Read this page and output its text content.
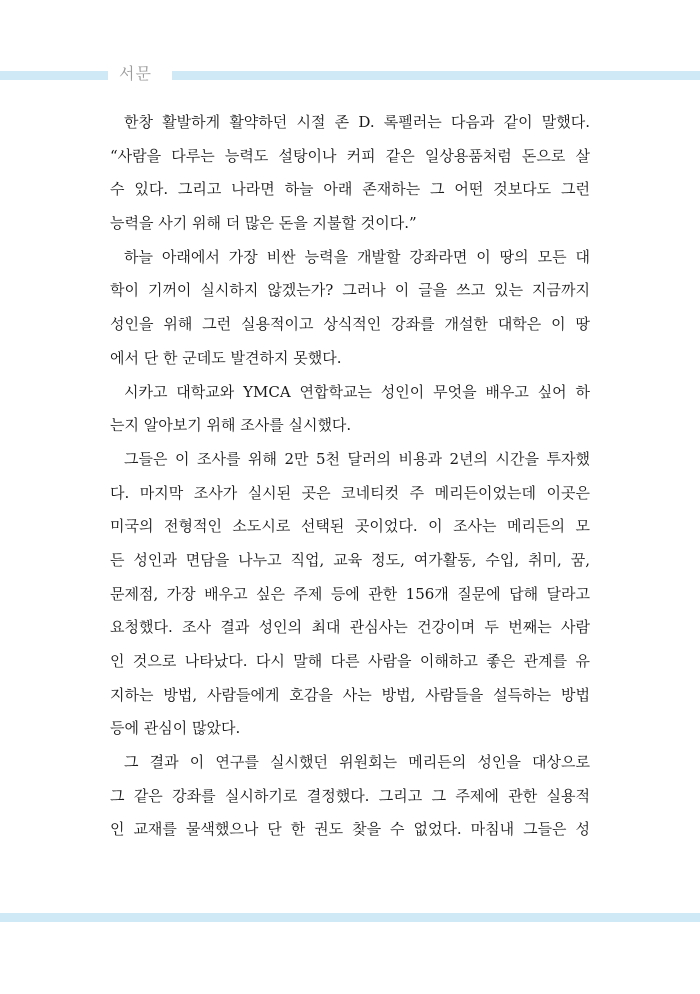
서문
한창 활발하게 활약하던 시절 존 D. 록펠러는 다음과 같이 말했다.
“사람을 다루는 능력도 설탕이나 커피 같은 일상용품처럼 돈으로 살
수 있다. 그리고 나라면 하늘 아래 존재하는 그 어떤 것보다도 그런
능력을 사기 위해 더 많은 돈을 지불할 것이다.”
하늘 아래에서 가장 비싼 능력을 개발할 강좌라면 이 땅의 모든 대
학이 기꺼이 실시하지 않겠는가? 그러나 이 글을 쓰고 있는 지금까지
성인을 위해 그런 실용적이고 상식적인 강좌를 개설한 대학은 이 땅
에서 단 한 군데도 발견하지 못했다.
시카고 대학교와 YMCA 연합학교는 성인이 무엇을 배우고 싶어 하
는지 알아보기 위해 조사를 실시했다.
그들은 이 조사를 위해 2만 5천 달러의 비용과 2년의 시간을 투자했
다. 마지막 조사가 실시된 곳은 코네티컷 주 메리든이었는데 이곳은
미국의 전형적인 소도시로 선택된 곳이었다. 이 조사는 메리든의 모
든 성인과 면담을 나누고 직업, 교육 정도, 여가활동, 수입, 취미, 꿈,
문제점, 가장 배우고 싶은 주제 등에 관한 156개 질문에 답해 달라고
요청했다. 조사 결과 성인의 최대 관심사는 건강이며 두 번째는 사람
인 것으로 나타났다. 다시 말해 다른 사람을 이해하고 좋은 관계를 유
지하는 방법, 사람들에게 호감을 사는 방법, 사람들을 설득하는 방법
등에 관심이 많았다.
그 결과 이 연구를 실시했던 위원회는 메리든의 성인을 대상으로
그 같은 강좌를 실시하기로 결정했다. 그리고 그 주제에 관한 실용적
인 교재를 물색했으나 단 한 권도 찾을 수 없었다. 마침내 그들은 성
